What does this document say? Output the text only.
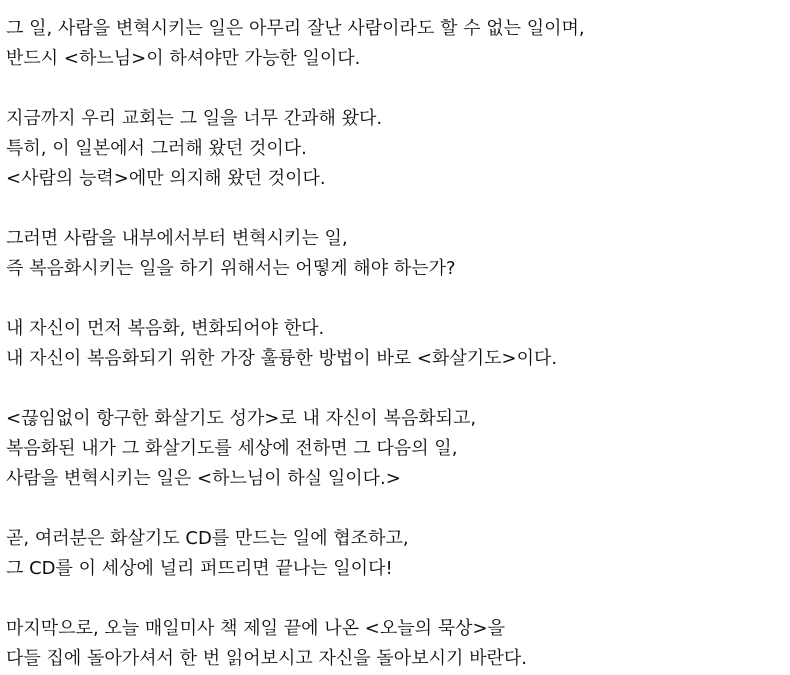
그 일, 사람을 변혁시키는 일은 아무리 잘난 사람이라도 할 수 없는 일이며,
반드시 <하느님>이 하셔야만 가능한 일이다.
지금까지 우리 교회는 그 일을 너무 간과해 왔다.
특히, 이 일본에서 그러해 왔던 것이다.
<사람의 능력>에만 의지해 왔던 것이다.
그러면 사람을 내부에서부터 변혁시키는 일,
즉 복음화시키는 일을 하기 위해서는 어떻게 해야 하는가?
내 자신이 먼저 복음화, 변화되어야 한다.
내 자신이 복음화되기 위한 가장 훌륭한 방법이 바로 <화살기도>이다.
<끊임없이 항구한 화살기도 성가>로 내 자신이 복음화되고,
복음화된 내가 그 화살기도를 세상에 전하면 그 다음의 일,
사람을 변혁시키는 일은 <하느님이 하실 일이다.>
곧, 여러분은 화살기도 CD를 만드는 일에 협조하고,
그 CD를 이 세상에 널리 퍼뜨리면 끝나는 일이다!
마지막으로, 오늘 매일미사 책 제일 끝에 나온 <오늘의 묵상>을
다들 집에 돌아가셔서 한 번 읽어보시고 자신을 돌아보시기 바란다.
